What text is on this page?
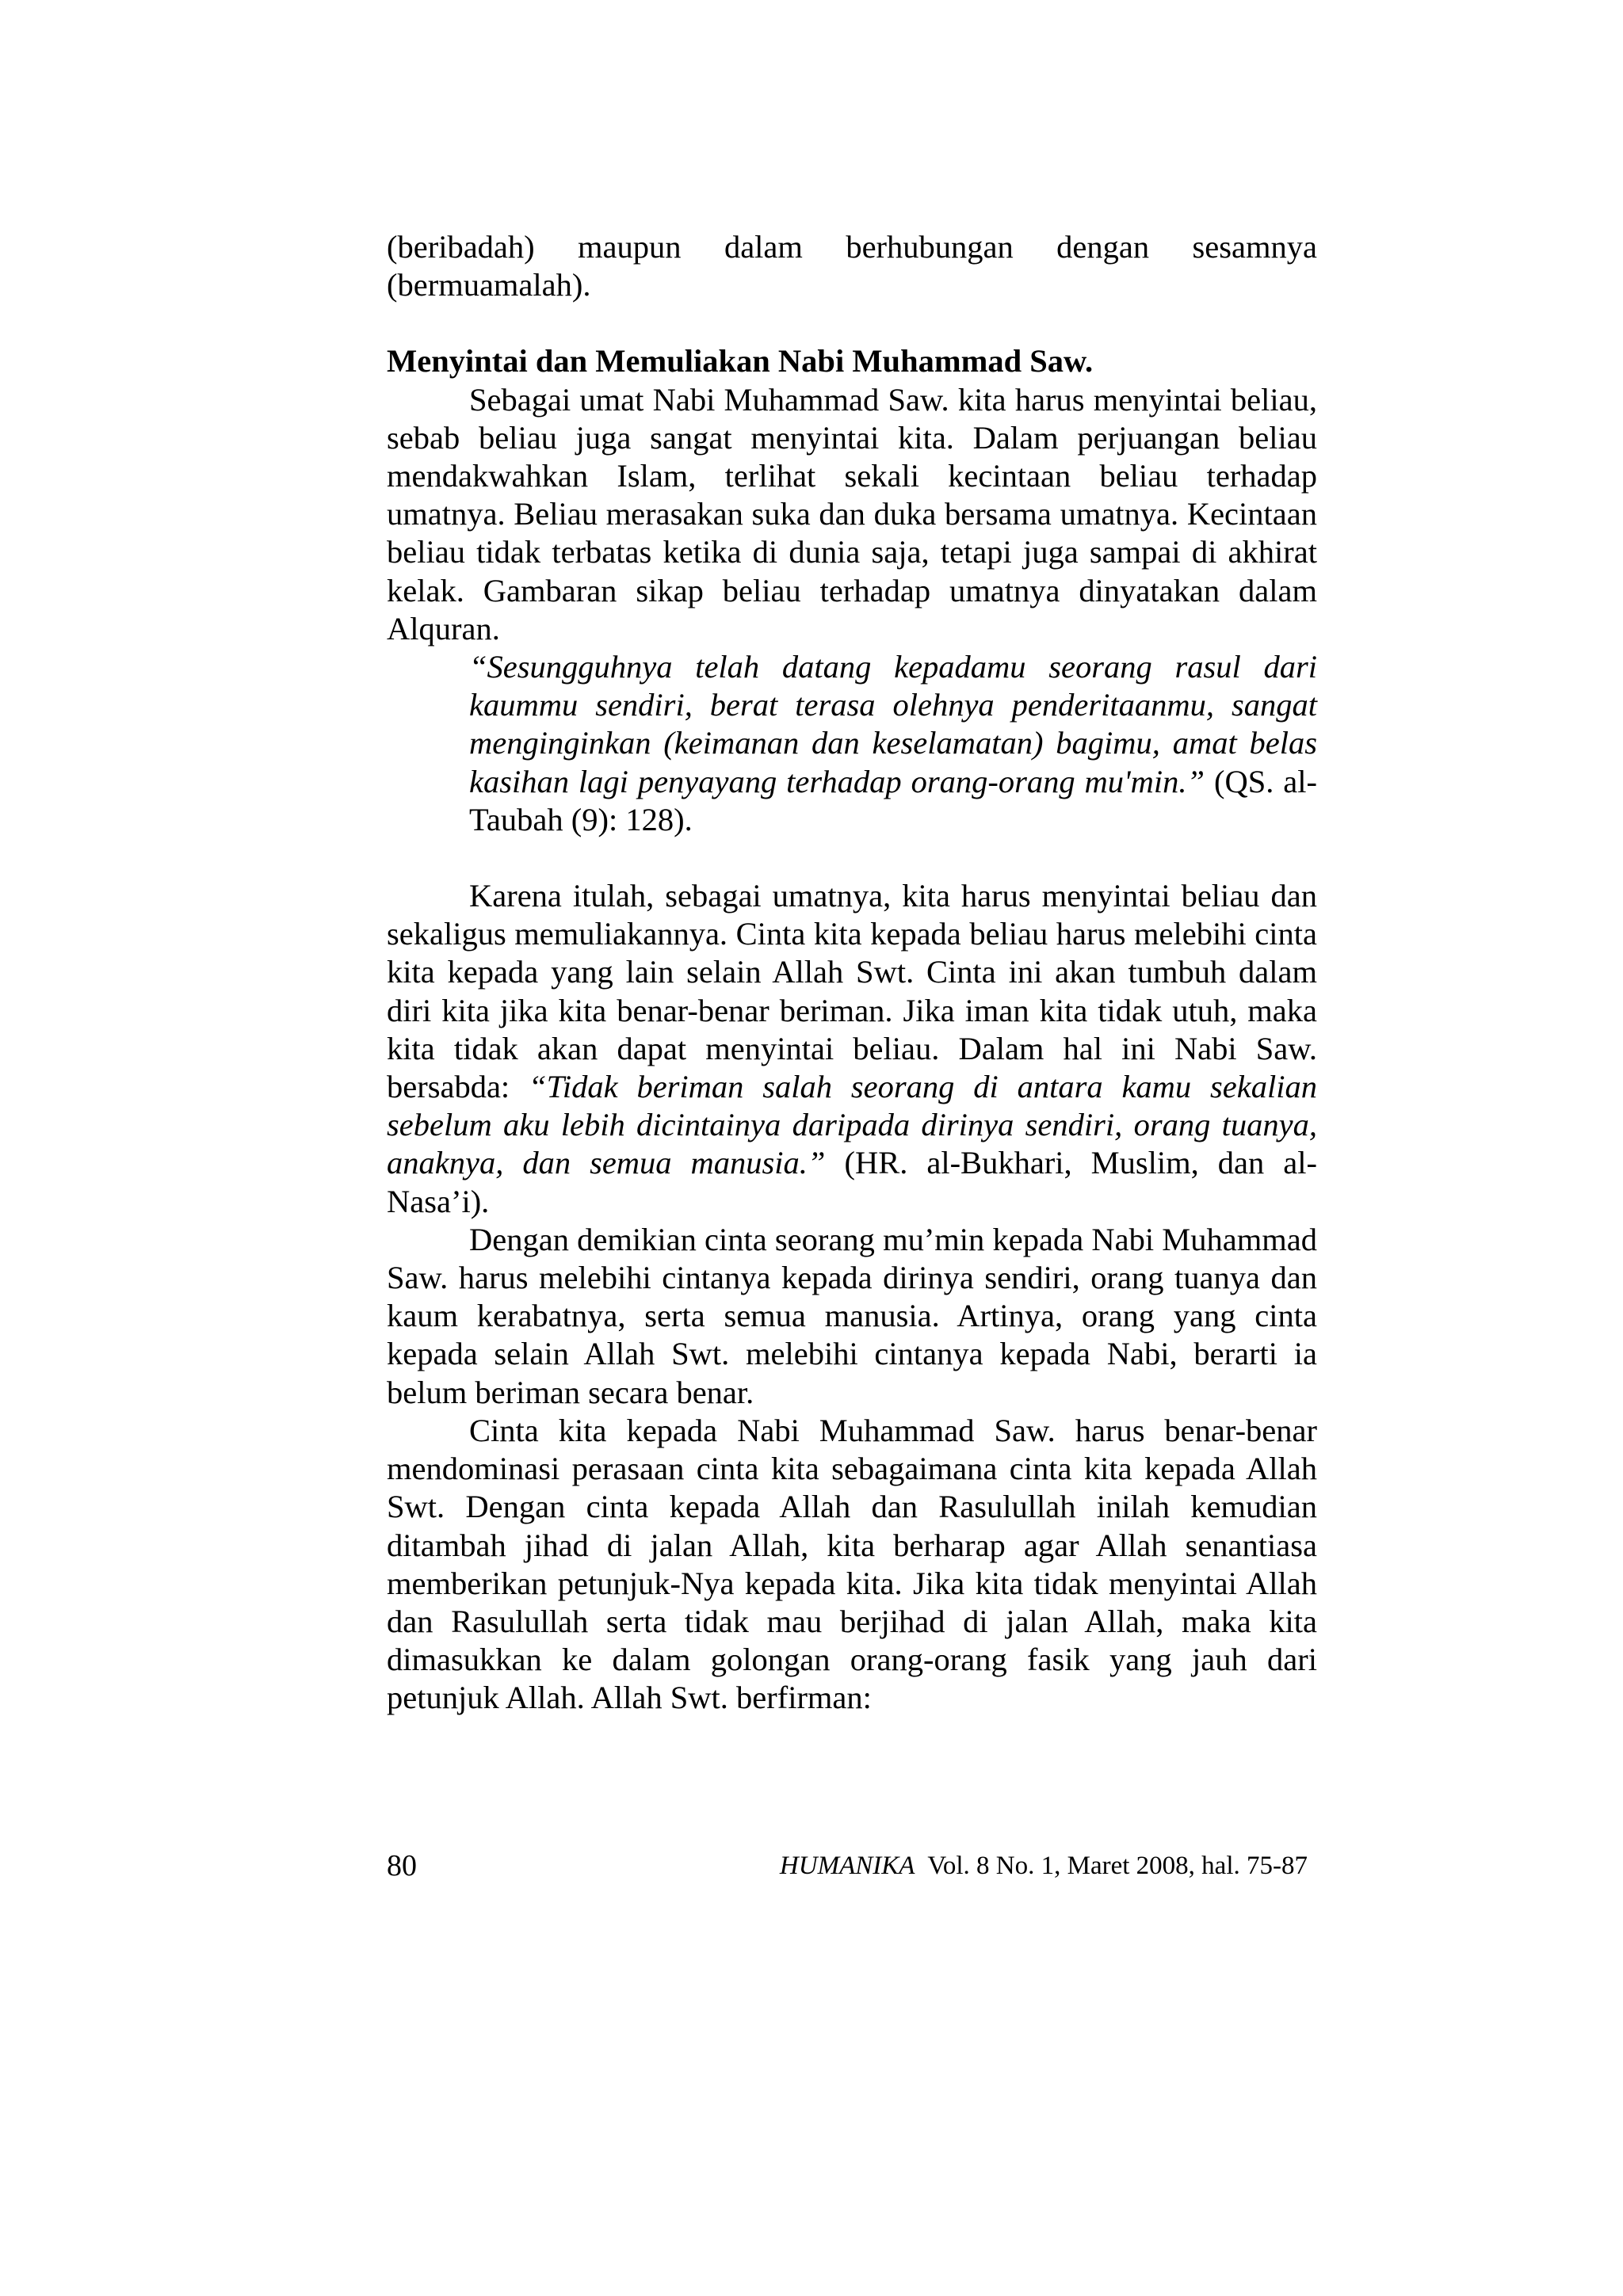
(beribadah) maupun dalam berhubungan dengan sesamnya (bermuamalah).

Menyintai dan Memuliakan Nabi Muhammad Saw.

Sebagai umat Nabi Muhammad Saw. kita harus menyintai beliau, sebab beliau juga sangat menyintai kita. Dalam perjuangan beliau mendakwahkan Islam, terlihat sekali kecintaan beliau terhadap umatnya. Beliau merasakan suka dan duka bersama umatnya. Kecintaan beliau tidak terbatas ketika di dunia saja, tetapi juga sampai di akhirat kelak. Gambaran sikap beliau terhadap umatnya dinyatakan dalam Alquran.

“Sesungguhnya telah datang kepadamu seorang rasul dari kaummu sendiri, berat terasa olehnya penderitaanmu, sangat menginginkan (keimanan dan keselamatan) bagimu, amat belas kasihan lagi penyayang terhadap orang-orang mu'min.” (QS. al-Taubah (9): 128).

Karena itulah, sebagai umatnya, kita harus menyintai beliau dan sekaligus memuliakannya. Cinta kita kepada beliau harus melebihi cinta kita kepada yang lain selain Allah Swt. Cinta ini akan tumbuh dalam diri kita jika kita benar-benar beriman. Jika iman kita tidak utuh, maka kita tidak akan dapat menyintai beliau. Dalam hal ini Nabi Saw. bersabda: “Tidak beriman salah seorang di antara kamu sekalian sebelum aku lebih dicintainya daripada dirinya sendiri, orang tuanya, anaknya, dan semua manusia.” (HR. al-Bukhari, Muslim, dan al-Nasa’i).

Dengan demikian cinta seorang mu’min kepada Nabi Muhammad Saw. harus melebihi cintanya kepada dirinya sendiri, orang tuanya dan kaum kerabatnya, serta semua manusia. Artinya, orang yang cinta kepada selain Allah Swt. melebihi cintanya kepada Nabi, berarti ia belum beriman secara benar.

Cinta kita kepada Nabi Muhammad Saw. harus benar-benar mendominasi perasaan cinta kita sebagaimana cinta kita kepada Allah Swt. Dengan cinta kepada Allah dan Rasulullah inilah kemudian ditambah jihad di jalan Allah, kita berharap agar Allah senantiasa memberikan petunjuk-Nya kepada kita. Jika kita tidak menyintai Allah dan Rasulullah serta tidak mau berjihad di jalan Allah, maka kita dimasukkan ke dalam golongan orang-orang fasik yang jauh dari petunjuk Allah. Allah Swt. berfirman:

80	HUMANIKA Vol. 8 No. 1, Maret 2008, hal. 75-87
